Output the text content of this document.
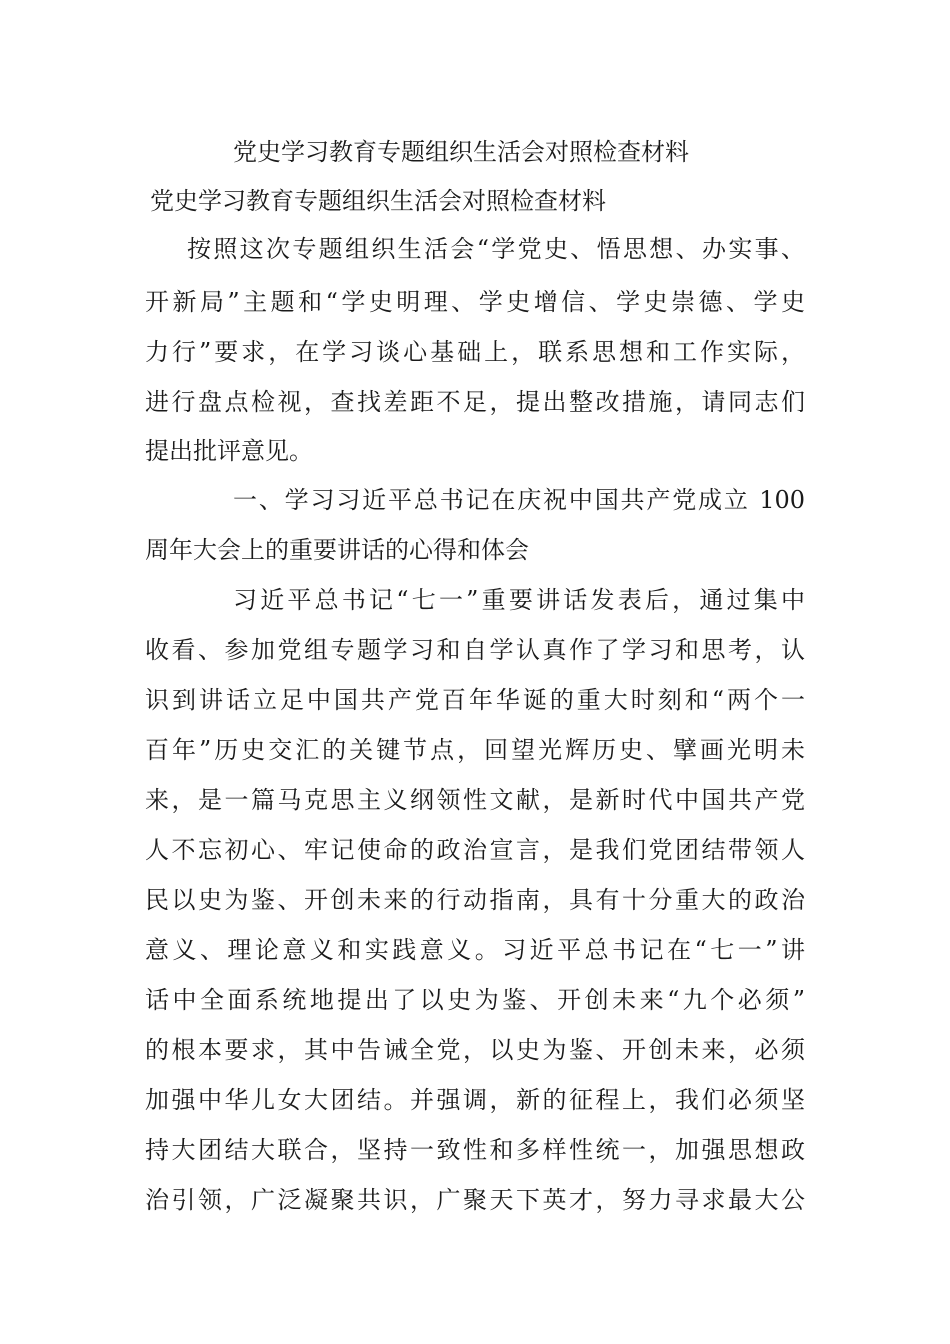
党史学习教育专题组织生活会对照检查材料
党史学习教育专题组织生活会对照检查材料
按照这次专题组织生活会“学党史、悟思想、办实事、
开新局”主题和“学史明理、学史增信、学史崇德、学史
力行”要求，在学习谈心基础上，联系思想和工作实际，
进行盘点检视，查找差距不足，提出整改措施，请同志们
提出批评意见。
一、学习习近平总书记在庆祝中国共产党成立 100
周年大会上的重要讲话的心得和体会
习近平总书记“七一”重要讲话发表后，通过集中
收看、参加党组专题学习和自学认真作了学习和思考，认
识到讲话立足中国共产党百年华诞的重大时刻和“两个一
百年”历史交汇的关键节点，回望光辉历史、擘画光明未
来，是一篇马克思主义纲领性文献，是新时代中国共产党
人不忘初心、牢记使命的政治宣言，是我们党团结带领人
民以史为鉴、开创未来的行动指南，具有十分重大的政治
意义、理论意义和实践意义。习近平总书记在“七一”讲
话中全面系统地提出了以史为鉴、开创未来“九个必须”
的根本要求，其中告诫全党，以史为鉴、开创未来，必须
加强中华儿女大团结。并强调，新的征程上，我们必须坚
持大团结大联合，坚持一致性和多样性统一，加强思想政
治引领，广泛凝聚共识，广聚天下英才，努力寻求最大公
